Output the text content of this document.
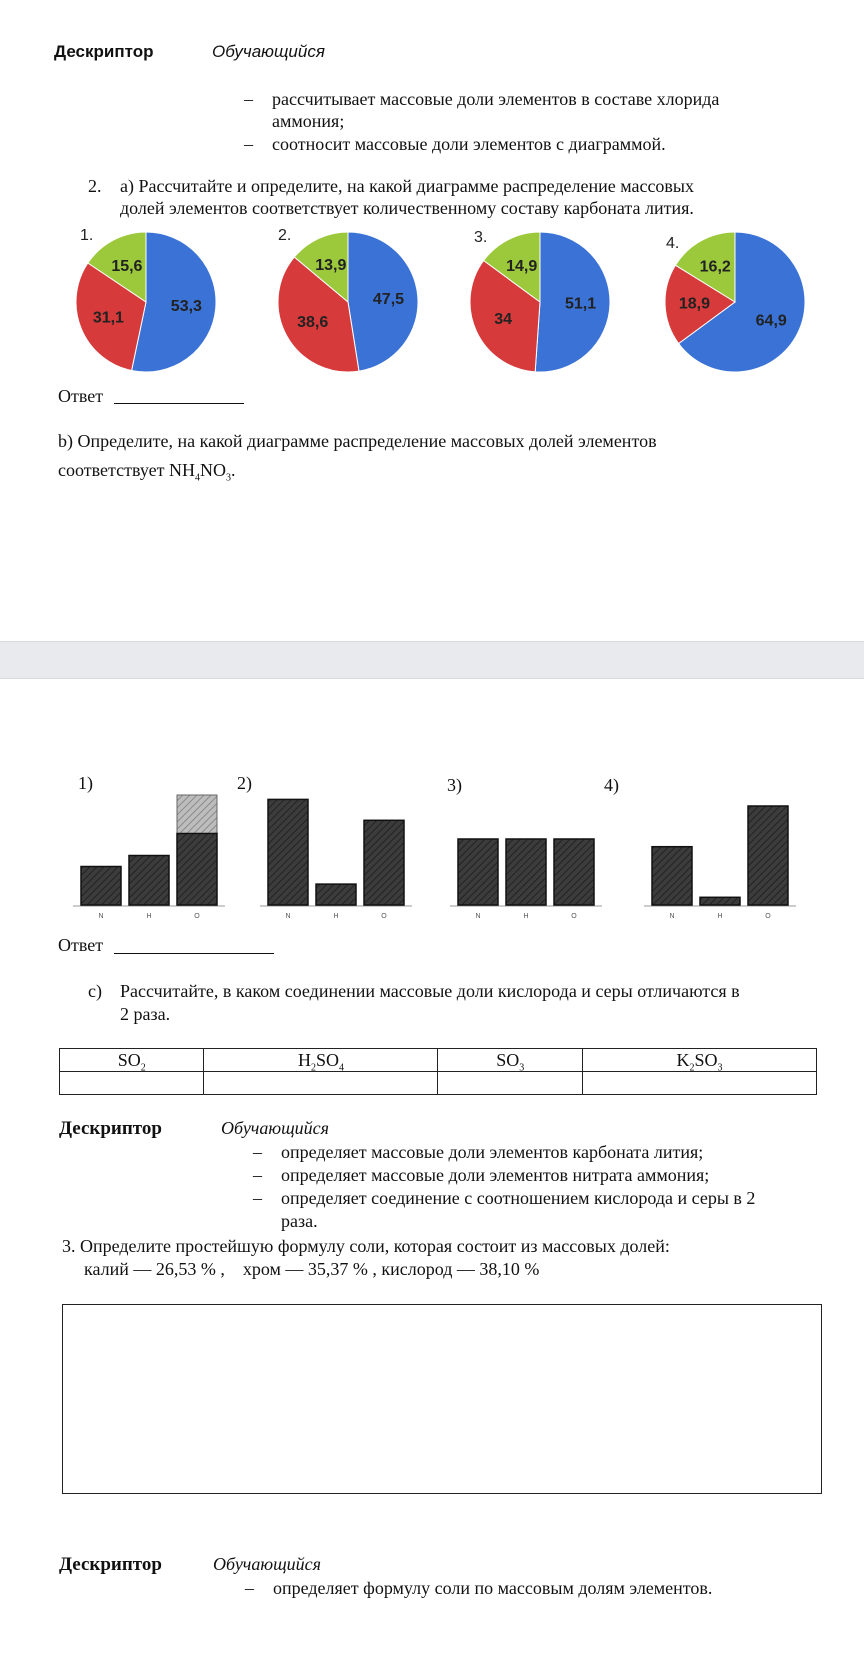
Дескриптор	Обучающийся
– рассчитывает массовые доли элементов в составе хлорида
аммония;
– соотносит массовые доли элементов с диаграммой.
2. a) Рассчитайте и определите, на какой диаграмме распределение массовых
долей элементов соответствует количественному составу карбоната лития.
53,3
31,1
15,6
1.
47,5
38,6
13,9
2.
51,1
34
14,9
3.
64,9
18,9
16,2
4.
Ответ
b) Определите, на какой диаграмме распределение массовых долей элементов
соответствует $NH_4NO_3$.
N	H	O
1)
N	H	O
2)
N	H	O
3)
N	H	O
4)
Ответ
c) Рассчитайте, в каком соединении массовые доли кислорода и серы отличаются в
2 раза.
$SO_2$	$H_2SO_4$	$SO_3$	$K_2SO_3$

Дескриптор	Обучающийся
– определяет массовые доли элементов карбоната лития;
– определяет массовые доли элементов нитрата аммония;
– определяет соединение с соотношением кислорода и серы в 2
раза.
3. Определите простейшую формулу соли, которая состоит из массовых долей:
калий — 26,53 % ,    хром — 35,37 % , кислород — 38,10 %
Дескриптор	Обучающийся
– определяет формулу соли по массовым долям элементов.
